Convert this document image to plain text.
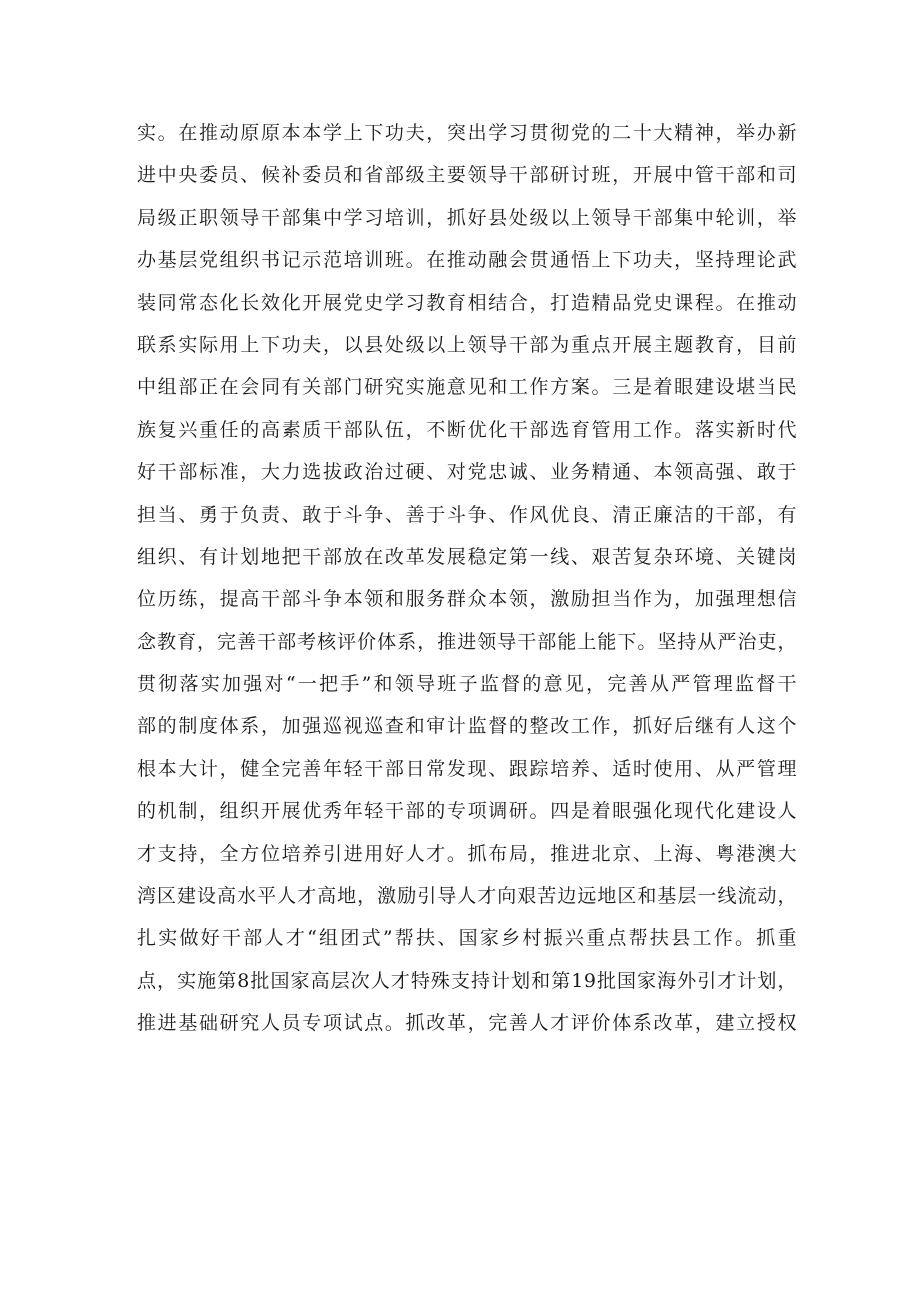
实。在推动原原本本学上下功夫，突出学习贯彻党的二十大精神，举办新
进中央委员、候补委员和省部级主要领导干部研讨班，开展中管干部和司
局级正职领导干部集中学习培训，抓好县处级以上领导干部集中轮训，举
办基层党组织书记示范培训班。在推动融会贯通悟上下功夫，坚持理论武
装同常态化长效化开展党史学习教育相结合，打造精品党史课程。在推动
联系实际用上下功夫，以县处级以上领导干部为重点开展主题教育，目前
中组部正在会同有关部门研究实施意见和工作方案。三是着眼建设堪当民
族复兴重任的高素质干部队伍，不断优化干部选育管用工作。落实新时代
好干部标准，大力选拔政治过硬、对党忠诚、业务精通、本领高强、敢于
担当、勇于负责、敢于斗争、善于斗争、作风优良、清正廉洁的干部，有
组织、有计划地把干部放在改革发展稳定第一线、艰苦复杂环境、关键岗
位历练，提高干部斗争本领和服务群众本领，激励担当作为，加强理想信
念教育，完善干部考核评价体系，推进领导干部能上能下。坚持从严治吏，
贯彻落实加强对“一把手”和领导班子监督的意见，完善从严管理监督干
部的制度体系，加强巡视巡查和审计监督的整改工作，抓好后继有人这个
根本大计，健全完善年轻干部日常发现、跟踪培养、适时使用、从严管理
的机制，组织开展优秀年轻干部的专项调研。四是着眼强化现代化建设人
才支持，全方位培养引进用好人才。抓布局，推进北京、上海、粤港澳大
湾区建设高水平人才高地，激励引导人才向艰苦边远地区和基层一线流动，
扎实做好干部人才“组团式”帮扶、国家乡村振兴重点帮扶县工作。抓重
点，实施第8批国家高层次人才特殊支持计划和第19批国家海外引才计划，
推进基础研究人员专项试点。抓改革，完善人才评价体系改革，建立授权
